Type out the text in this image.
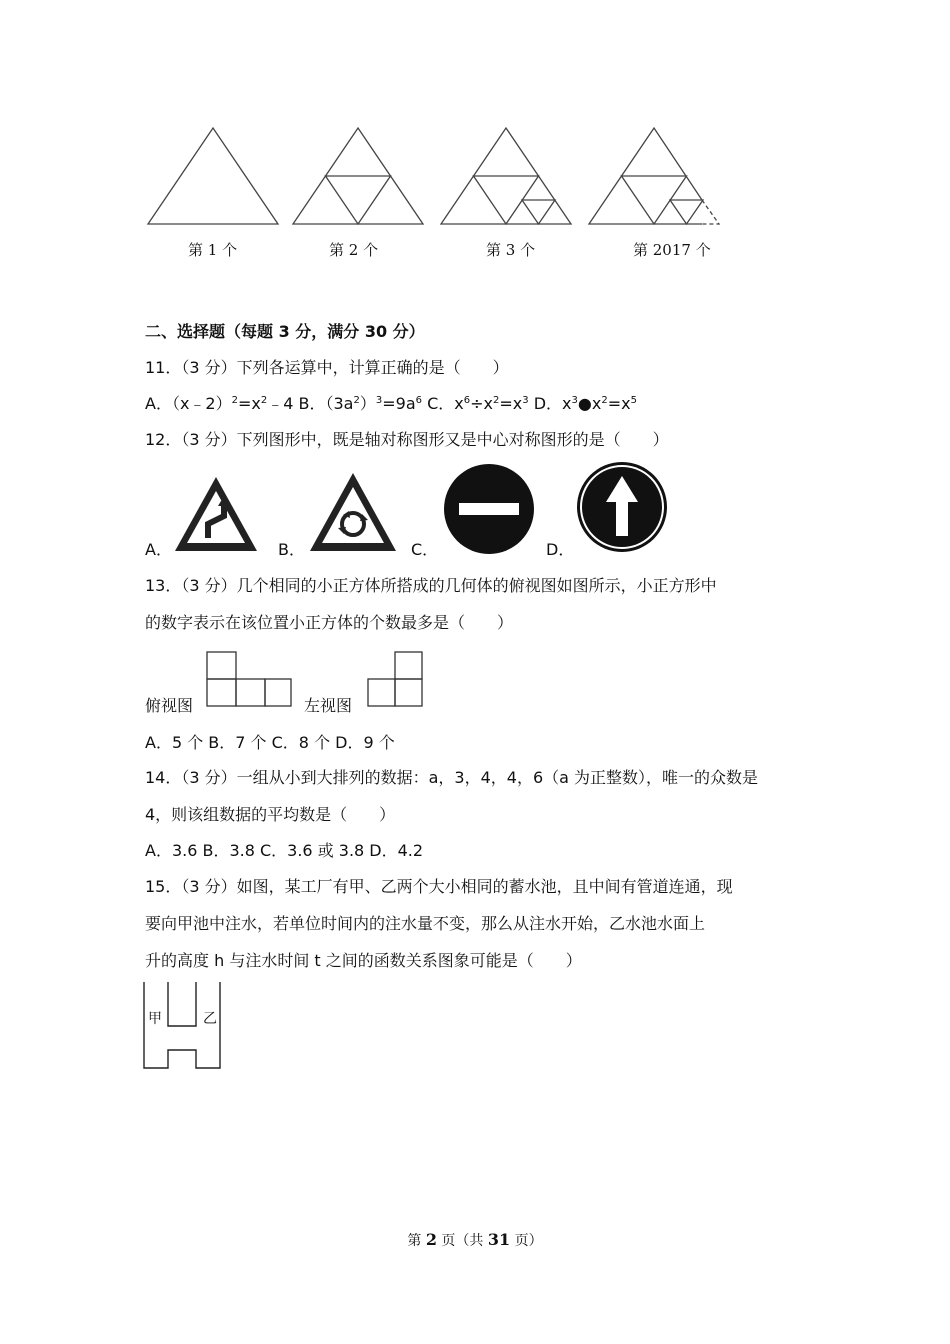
第 1 个	第 2 个	第 3 个	第 2017 个
二、选择题（每题 3 分，满分 30 分）
11．（3 分）下列各运算中，计算正确的是（　　）
A．$(x﹣2)^2=x^2﹣4$ B．$(3a^2)^3=9a^6$ C．$x^6\div x^2=x^3$ D．$x^3●x^2=x^5$
12．（3 分）下列图形中，既是轴对称图形又是中心对称图形的是（　　）
A．	B．	C．	D．
13．（3 分）几个相同的小正方体所搭成的几何体的俯视图如图所示，小正方形中
的数字表示在该位置小正方体的个数最多是（　　）
俯视图	左视图
A．5 个 B．7 个 C．8 个 D．9 个
14．（3 分）一组从小到大排列的数据：a，3，4，4，6（a 为正整数），唯一的众数是
4，则该组数据的平均数是（　　）
A．3.6 B．3.8 C．3.6 或 3.8 D．4.2
15．（3 分）如图，某工厂有甲、乙两个大小相同的蓄水池，且中间有管道连通，现
要向甲池中注水，若单位时间内的注水量不变，那么从注水开始，乙水池水面上
升的高度 h 与注水时间 t 之间的函数关系图象可能是（　　）
甲	乙
第 2 页（共 31 页）
